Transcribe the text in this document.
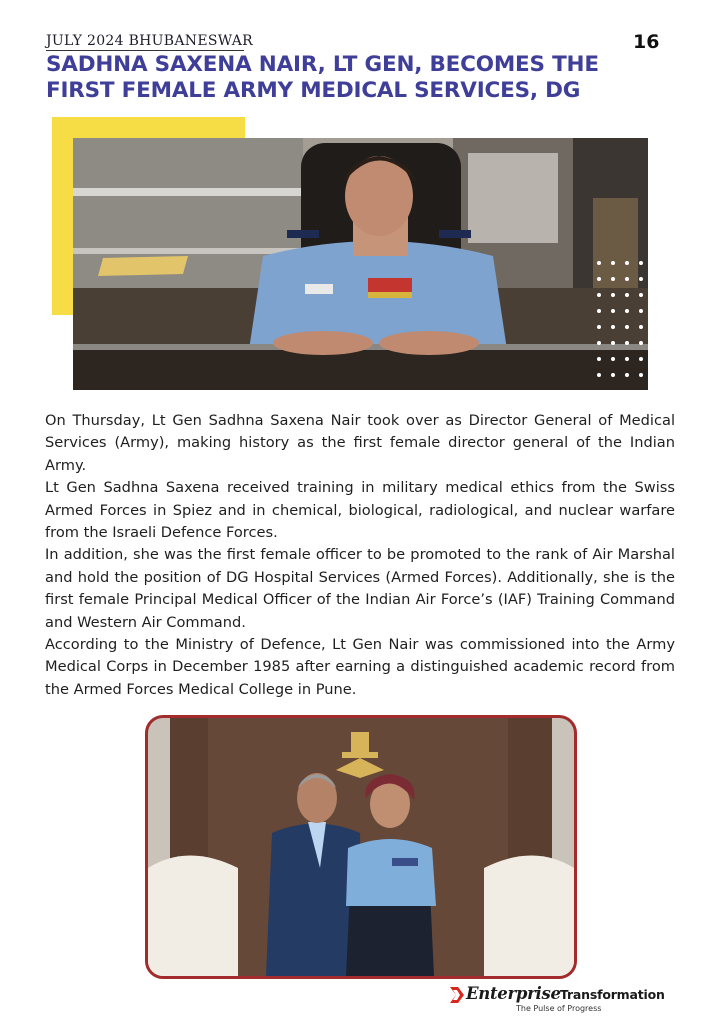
JULY 2024 BHUBANESWAR	16
SADHNA SAXENA NAIR, LT GEN, BECOMES THE
FIRST FEMALE ARMY MEDICAL SERVICES, DG

On Thursday, Lt Gen Sadhna Saxena Nair took over as Director General of Medical Services (Army), making history as the first female director general of the Indian Army.

Lt Gen Sadhna Saxena received training in military medical ethics from the Swiss Armed Forces in Spiez and in chemical, biological, radiological, and nuclear warfare from the Israeli Defence Forces.

In addition, she was the first female officer to be promoted to the rank of Air Marshal and hold the position of DG Hospital Services (Armed Forces). Additionally, she is the first female Principal Medical Officer of the Indian Air Force’s (IAF) Training Command and Western Air Command.

According to the Ministry of Defence, Lt Gen Nair was commissioned into the Army Medical Corps in December 1985 after earning a distinguished academic record from the Armed Forces Medical College in Pune.

Enterprise Transformation
The Pulse of Progress
